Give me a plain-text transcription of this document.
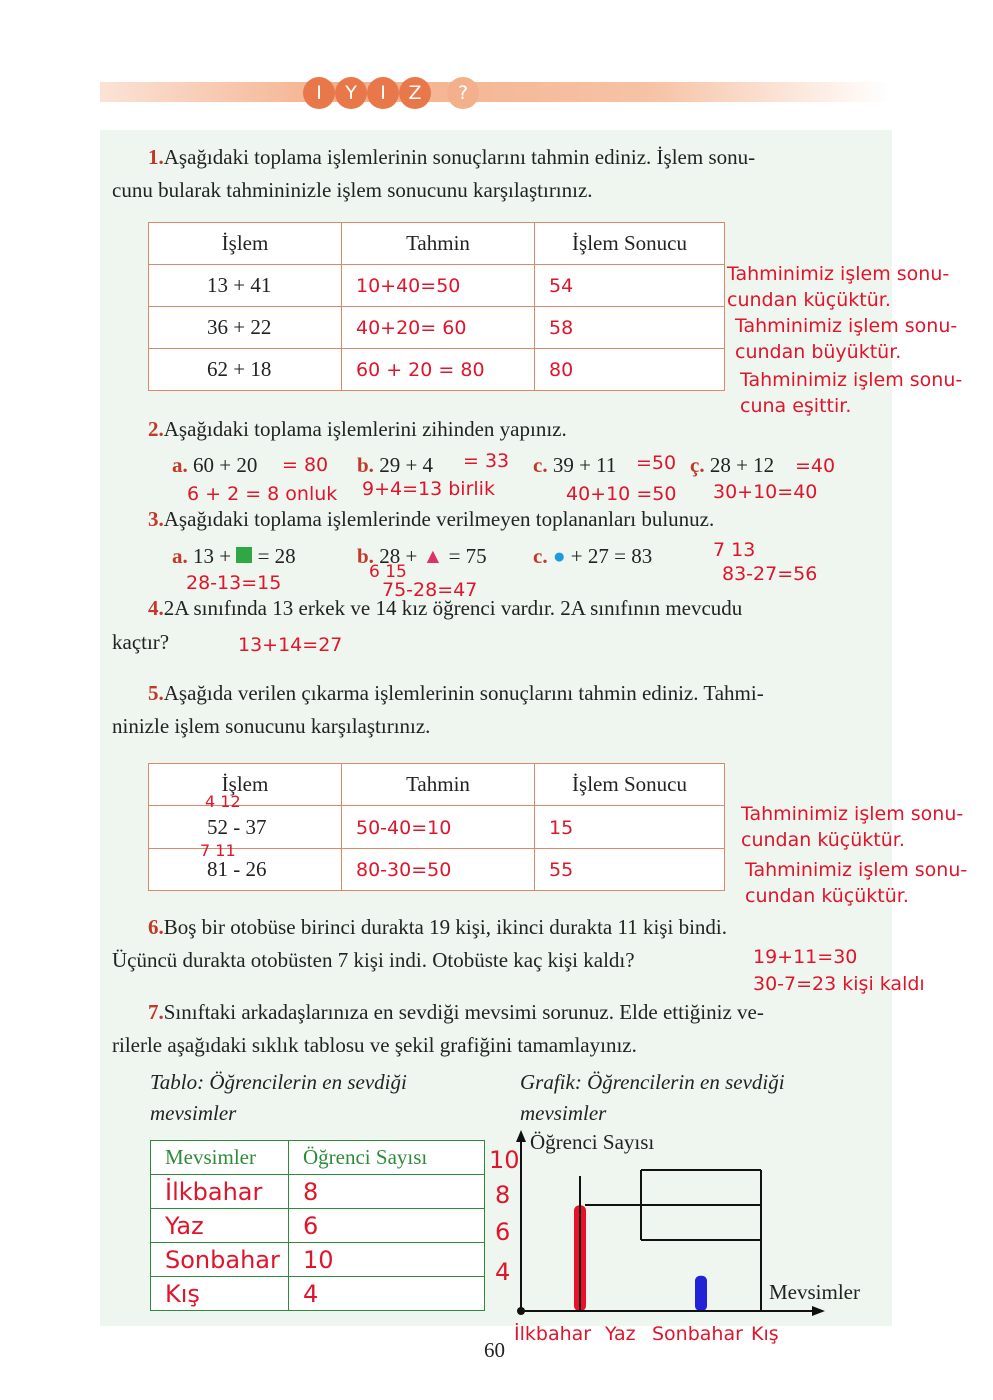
I	Y	I	Z	?
1.Aşağıdaki toplama işlemlerinin sonuçlarını tahmin ediniz. İşlem sonu-
cunu bularak tahmininizle işlem sonucunu karşılaştırınız.
İşlem	Tahmin	İşlem Sonucu
13 + 41	10+40=50	54
36 + 22	40+20= 60	58
62 + 18	60 + 20 = 80	80
Tahminimiz işlem sonu-
cundan küçüktür.
Tahminimiz işlem sonu-
cundan büyüktür.
Tahminimiz işlem sonu-
cuna eşittir.
2.Aşağıdaki toplama işlemlerini zihinden yapınız.
a. 60 + 20 = 80
6 + 2 = 8 onluk
b. 29 + 4 = 33
9+4=13 birlik
c. 39 + 11 =50
40+10 =50
ç. 28 + 12 =40
30+10=40
3.Aşağıdaki toplama işlemlerinde verilmeyen toplananları bulunuz.
a. 13 + = 28
28-13=15
b. 28 + ▲ = 75
6 15
75-28=47
c. ● + 27 = 83	7 13
83-27=56
4.2A sınıfında 13 erkek ve 14 kız öğrenci vardır. 2A sınıfının mevcudu
kaçtır?	13+14=27
5.Aşağıda verilen çıkarma işlemlerinin sonuçlarını tahmin ediniz. Tahmi-
ninizle işlem sonucunu karşılaştırınız.
İşlem	Tahmin	İşlem Sonucu
52 - 37	50-40=10	15
81 - 26	80-30=50	55
4 12
7 11
Tahminimiz işlem sonu-
cundan küçüktür.
Tahminimiz işlem sonu-
cundan küçüktür.
6.Boş bir otobüse birinci durakta 19 kişi, ikinci durakta 11 kişi bindi.
Üçüncü durakta otobüsten 7 kişi indi. Otobüste kaç kişi kaldı?	19+11=30
30-7=23 kişi kaldı
7.Sınıftaki arkadaşlarınıza en sevdiği mevsimi sorunuz. Elde ettiğiniz ve-
rilerle aşağıdaki sıklık tablosu ve şekil grafiğini tamamlayınız.
Tablo: Öğrencilerin en sevdiği
mevsimler
Grafik: Öğrencilerin en sevdiği
mevsimler
Mevsimler	Öğrenci Sayısı
İlkbahar	8
Yaz	6
Sonbahar	10
Kış	4
Öğrenci Sayısı
Mevsimler
10
8
6
4
İlkbahar Yaz Sonbahar Kış
60
